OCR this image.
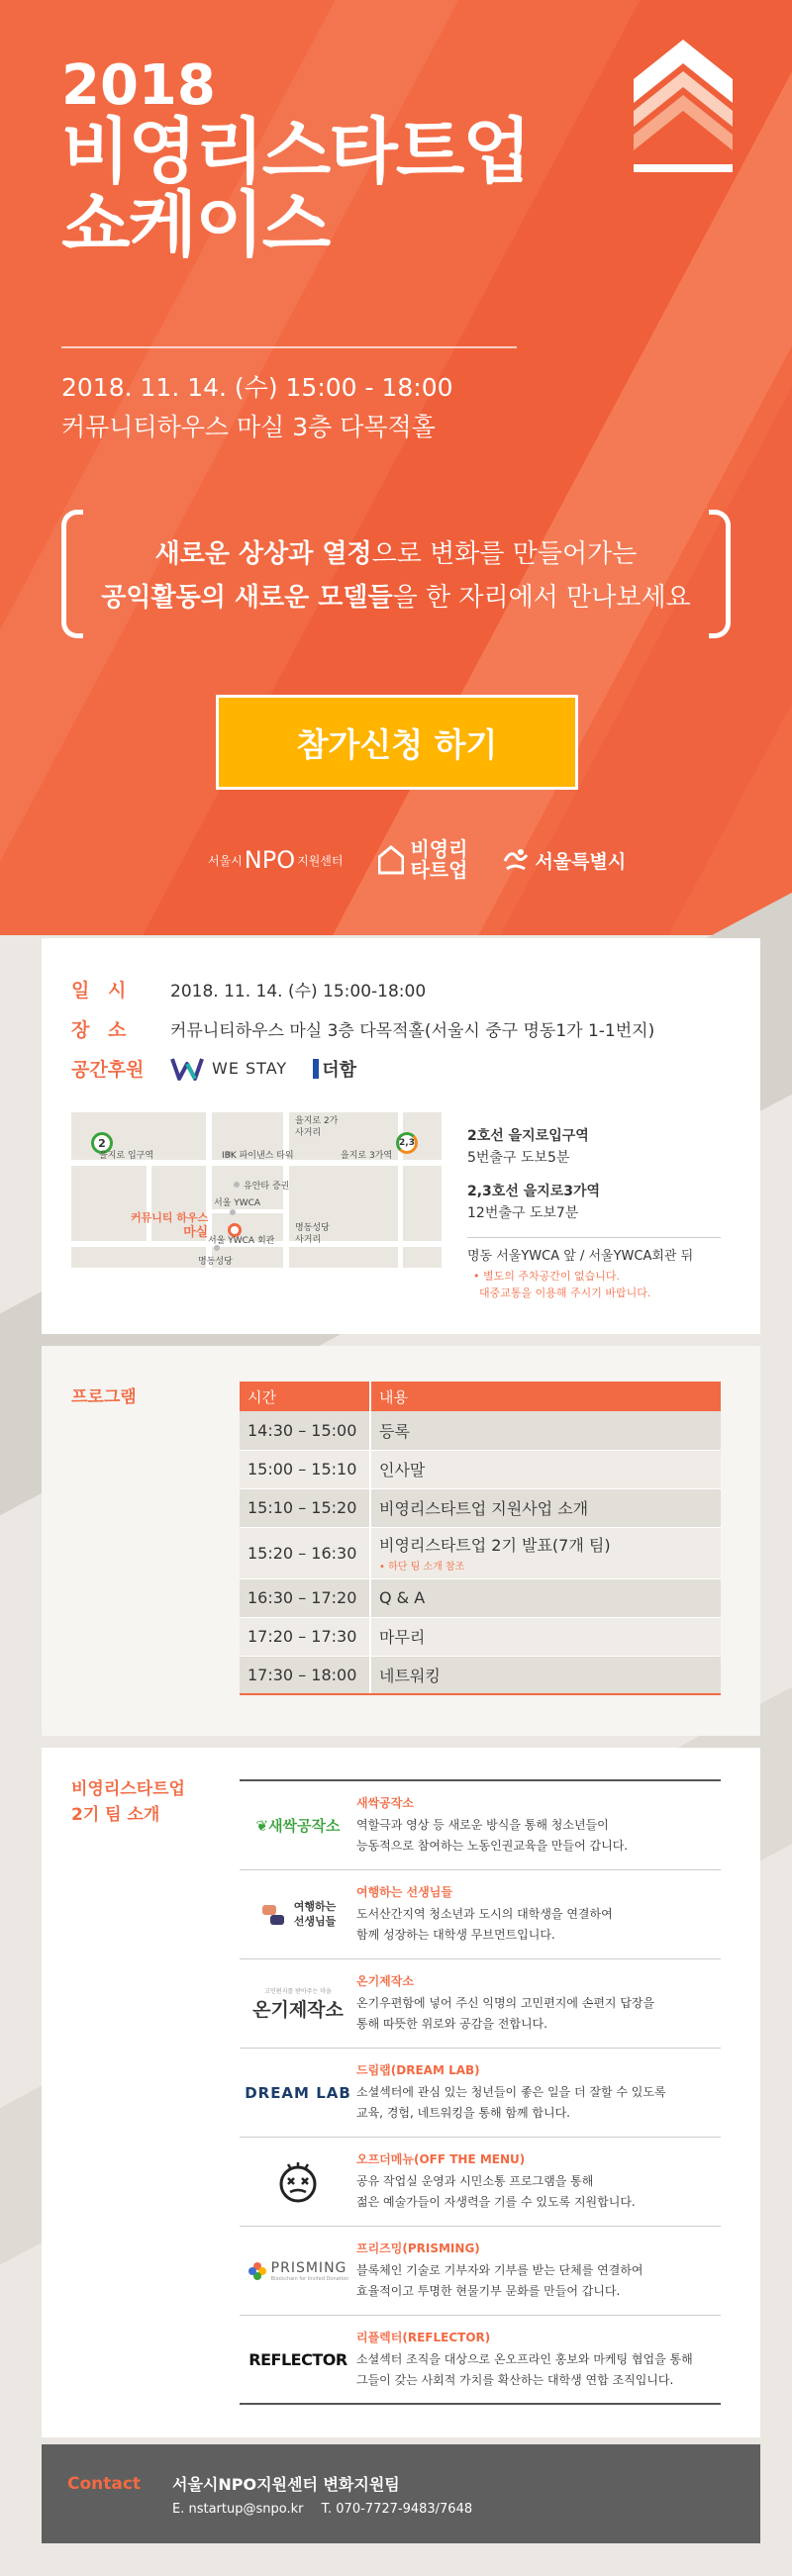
2018
비영리스타트업
쇼케이스
2018. 11. 14. (수) 15:00 - 18:00
커뮤니티하우스 마실 3층 다목적홀
새로운 상상과 열정으로 변화를 만들어가는
공익활동의 새로운 모델들을 한 자리에서 만나보세요
참가신청 하기
서울시 NPO 지원센터	비영리
타트업	서울특별시
일 시	2018. 11. 14. (수) 15:00-18:00
장 소	커뮤니티하우스 마실 3층 다목적홀(서울시 중구 명동1가 1-1번지)
공간후원	WE STAY 더함
2	2,3
을지로 입구역	IBK 파이낸스 타워
을지로 2가
사거리
을지로 3가역
유안타 증권
서울 YWCA
커뮤니티 하우스
마실
서울 YWCA 회관
명동성당
사거리
명동성당
2호선 을지로입구역
5번출구 도보5분
2,3호선 을지로3가역
12번출구 도보7분
명동 서울YWCA 앞 / 서울YWCA회관 뒤
• 별도의 주차공간이 없습니다.
대중교통을 이용해 주시기 바랍니다.
프로그램	시간	내용
14:30 – 15:00	등록
15:00 – 15:10	인사말
15:10 – 15:20	비영리스타트업 지원사업 소개
15:20 – 16:30	비영리스타트업 2기 발표(7개 팀)
• 하단 팀 소개 참조

16:30 – 17:20	Q & A
17:20 – 17:30	마무리
17:30 – 18:00	네트워킹
비영리스타트업
2기 팀 소개
❦새싹공작소
새싹공작소
역할극과 영상 등 새로운 방식을 통해 청소년들이
능동적으로 참여하는 노동인권교육을 만들어 갑니다.
여행하는
선생님들
여행하는 선생님들
도서산간지역 청소년과 도시의 대학생을 연결하여
함께 성장하는 대학생 무브먼트입니다.
고민편지를 받아주는 마을
온기제작소
온기제작소
온기우편함에 넣어 주신 익명의 고민편지에 손편지 답장을
통해 따뜻한 위로와 공감을 전합니다.
DREAM LAB
드림랩(DREAM LAB)
소셜섹터에 관심 있는 청년들이 좋은 일을 더 잘할 수 있도록
교육, 경험, 네트워킹을 통해 함께 합니다.
오프더메뉴(OFF THE MENU)
공유 작업실 운영과 시민소통 프로그램을 통해
젊은 예술가들이 자생력을 기를 수 있도록 지원합니다.
PRISMING
Blockchain for Invited Donation
프리즈밍(PRISMING)
블록체인 기술로 기부자와 기부를 받는 단체를 연결하여
효율적이고 투명한 현물기부 문화를 만들어 갑니다.
REFLECTOR
리플렉터(REFLECTOR)
소셜섹터 조직을 대상으로 온오프라인 홍보와 마케팅 협업을 통해
그들이 갖는 사회적 가치를 확산하는 대학생 연합 조직입니다.
Contact 서울시NPO지원센터 변화지원팀
E. nstartup@snpo.kr T. 070-7727-9483/7648
